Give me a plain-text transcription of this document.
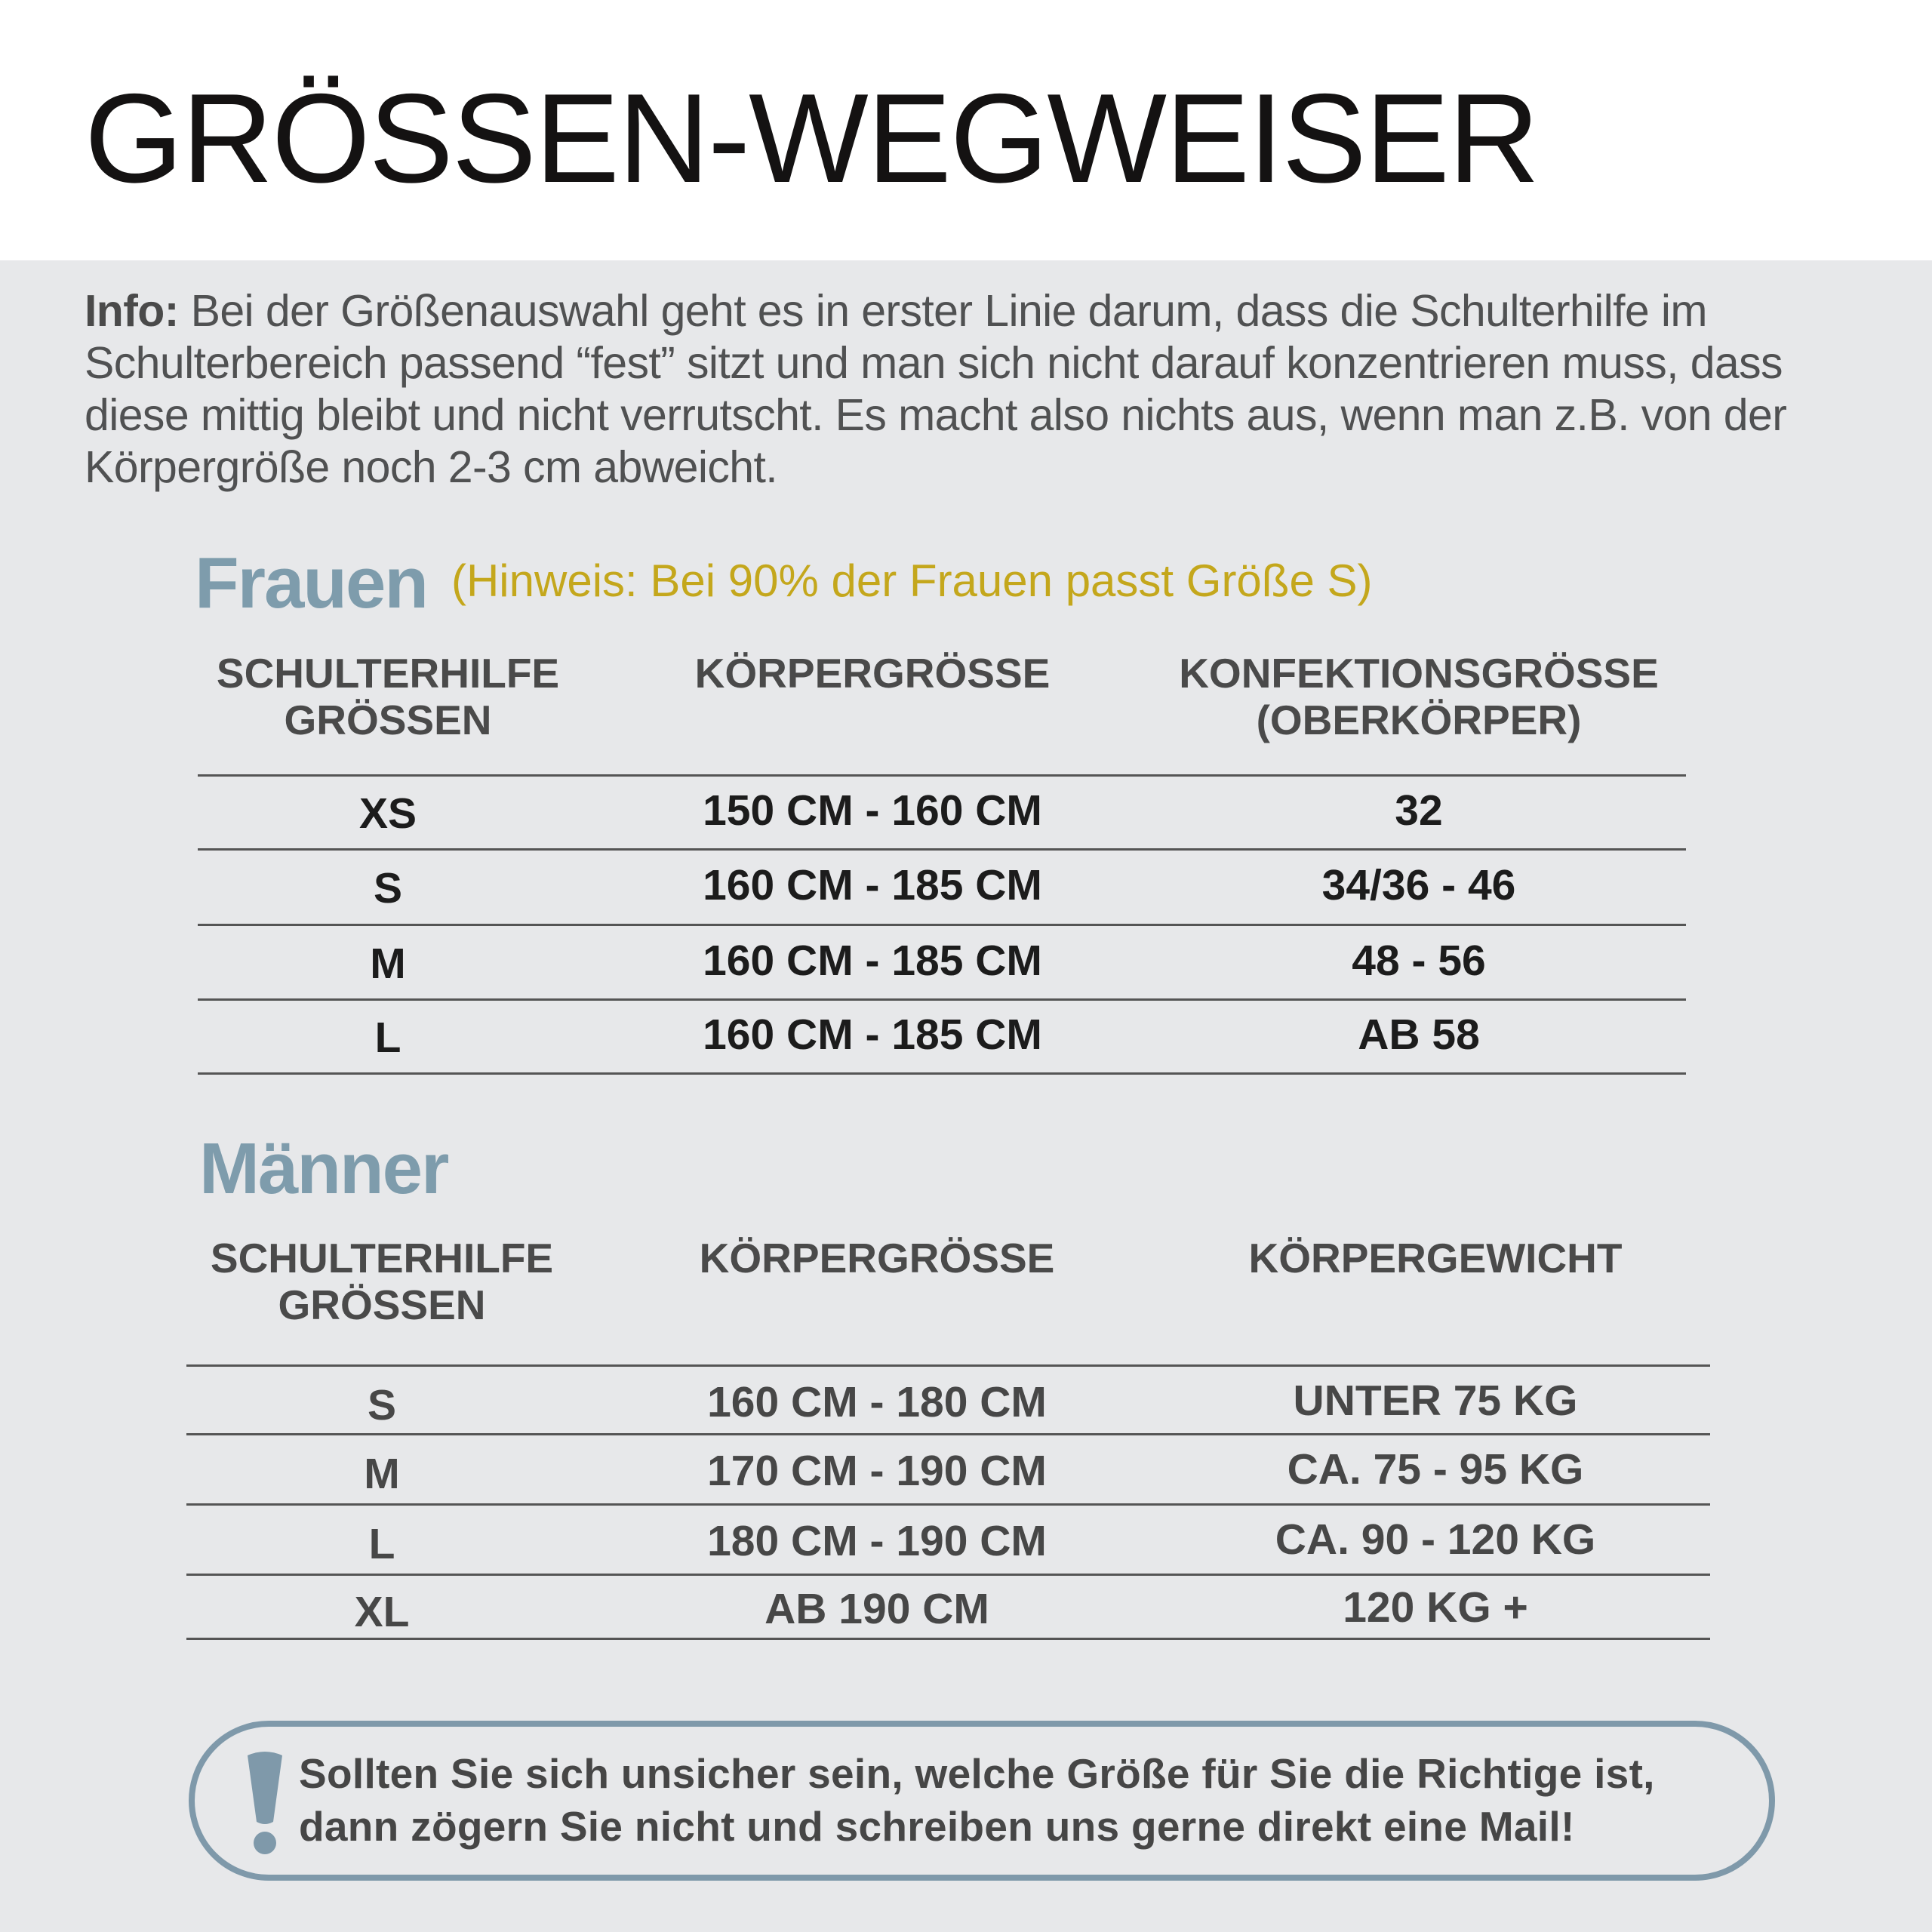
GRÖSSEN-WEGWEISER

Info: Bei der Größenauswahl geht es in erster Linie darum, dass die Schulterhilfe im Schulterbereich passend “fest” sitzt und man sich nicht darauf konzentrieren muss, dass diese mittig bleibt und nicht verrutscht. Es macht also nichts aus, wenn man z.B. von der Körpergröße noch 2-3 cm abweicht.

Frauen (Hinweis: Bei 90% der Frauen passt Größe S)

SCHULTERHILFE
GRÖSSEN

KÖRPERGRÖSSE	KONFEKTIONSGRÖSSE
(OBERKÖRPER)

XS	150 CM - 160 CM	32
S	160 CM - 185 CM	34/36 - 46
M	160 CM - 185 CM	48 - 56
L	160 CM - 185 CM	AB 58
Männer

SCHULTERHILFE
GRÖSSEN

KÖRPERGRÖSSE	KÖRPERGEWICHT

S	160 CM - 180 CM	UNTER 75 KG
M	170 CM - 190 CM	CA. 75 - 95 KG
L	180 CM - 190 CM	CA. 90 - 120 KG
XL	AB 190 CM	120 KG +

Sollten Sie sich unsicher sein, welche Größe für Sie die Richtige ist, dann zögern Sie nicht und schreiben uns gerne direkt eine Mail!
